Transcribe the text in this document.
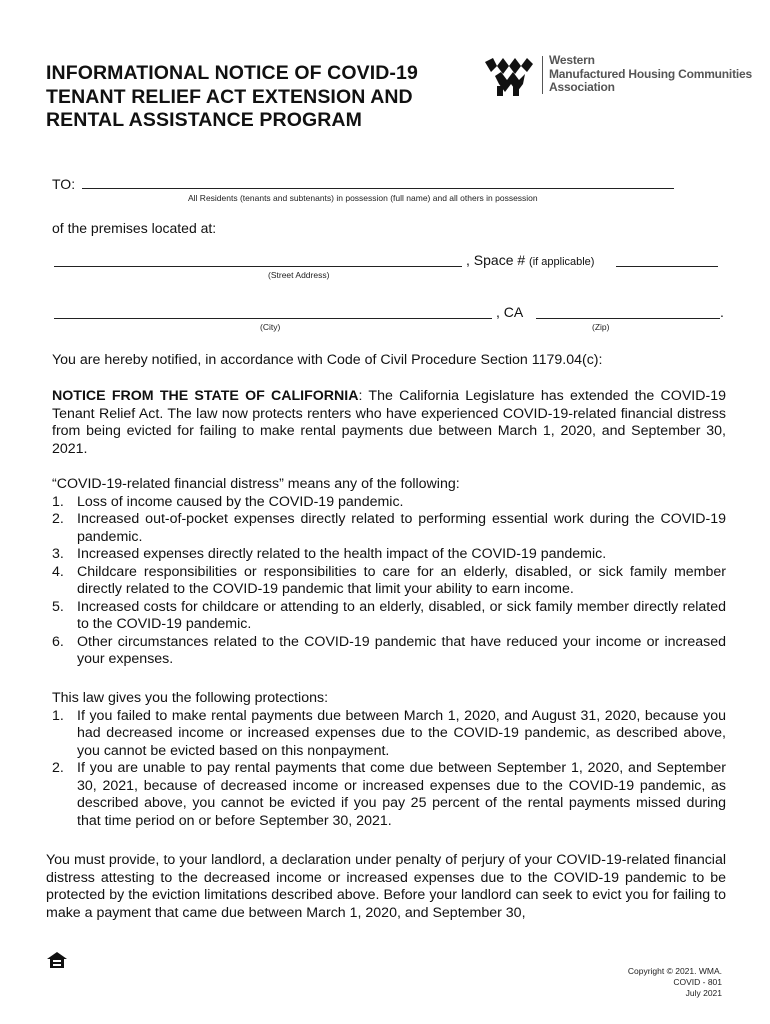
INFORMATIONAL NOTICE OF COVID-19
TENANT RELIEF ACT EXTENSION AND
RENTAL ASSISTANCE PROGRAM
Western
Manufactured Housing Communities
Association
TO:
All Residents (tenants and subtenants) in possession (full name) and all others in possession
of the premises located at:
, Space # (if applicable)
(Street Address)
, CA	.
(City)	(Zip)
You are hereby notified, in accordance with Code of Civil Procedure Section 1179.04(c):
NOTICE FROM THE STATE OF CALIFORNIA: The California Legislature has extended the COVID-19 Tenant Relief Act. The law now protects renters who have experienced COVID-19-related financial distress from being evicted for failing to make rental payments due between March 1, 2020, and September 30, 2021.
“COVID-19-related financial distress” means any of the following:
1. Loss of income caused by the COVID-19 pandemic.
2. Increased out-of-pocket expenses directly related to performing essential work during the COVID-19 pandemic.
3. Increased expenses directly related to the health impact of the COVID-19 pandemic.
4. Childcare responsibilities or responsibilities to care for an elderly, disabled, or sick family member directly related to the COVID-19 pandemic that limit your ability to earn income.
5. Increased costs for childcare or attending to an elderly, disabled, or sick family member directly related to the COVID-19 pandemic.
6. Other circumstances related to the COVID-19 pandemic that have reduced your income or increased your expenses.
This law gives you the following protections:
1. If you failed to make rental payments due between March 1, 2020, and August 31, 2020, because you had decreased income or increased expenses due to the COVID-19 pandemic, as described above, you cannot be evicted based on this nonpayment.
2. If you are unable to pay rental payments that come due between September 1, 2020, and September 30, 2021, because of decreased income or increased expenses due to the COVID-19 pandemic, as described above, you cannot be evicted if you pay 25 percent of the rental payments missed during that time period on or before September 30, 2021.
You must provide, to your landlord, a declaration under penalty of perjury of your COVID-19-related financial distress attesting to the decreased income or increased expenses due to the COVID-19 pandemic to be protected by the eviction limitations described above. Before your landlord can seek to evict you for failing to make a payment that came due between March 1, 2020, and September 30,
Copyright © 2021. WMA.
COVID - 801
July 2021
